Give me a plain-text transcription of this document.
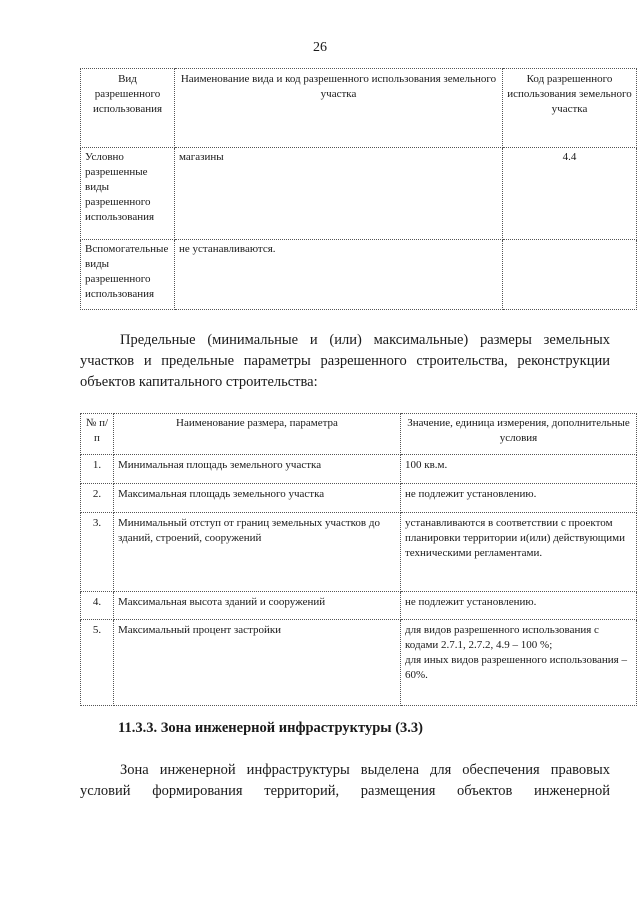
26
Вид разрешенного использования	Наименование вида и код разрешенного использования земельного участка	Код разрешенного использования земельного участка
Условно разрешенные виды разрешенного использования	магазины	4.4
Вспомогательные виды разрешенного использования	не устанавливаются.	
Предельные (минимальные и (или) максимальные) размеры земельных участков и предельные параметры разрешенного строительства, реконструкции объектов капитального строительства:
№ п/п	Наименование размера, параметра	Значение, единица измерения, дополнительные условия
1.	Минимальная площадь земельного участка	100 кв.м.
2.	Максимальная площадь земельного участка	не подлежит установлению.
3.	Минимальный отступ от границ земельных участков до зданий, строений, сооружений	устанавливаются в соответствии с проектом планировки территории и(или) действующими техническими регламентами.
4.	Максимальная высота зданий и сооружений	не подлежит установлению.
5.	Максимальный процент застройки	для видов разрешенного использования с кодами 2.7.1, 2.7.2, 4.9 – 100 %;
для иных видов разрешенного использования – 60%.
11.3.3. Зона инженерной инфраструктуры (3.3)
Зона инженерной инфраструктуры выделена для обеспечения правовых условий формирования территорий, размещения объектов инженерной
